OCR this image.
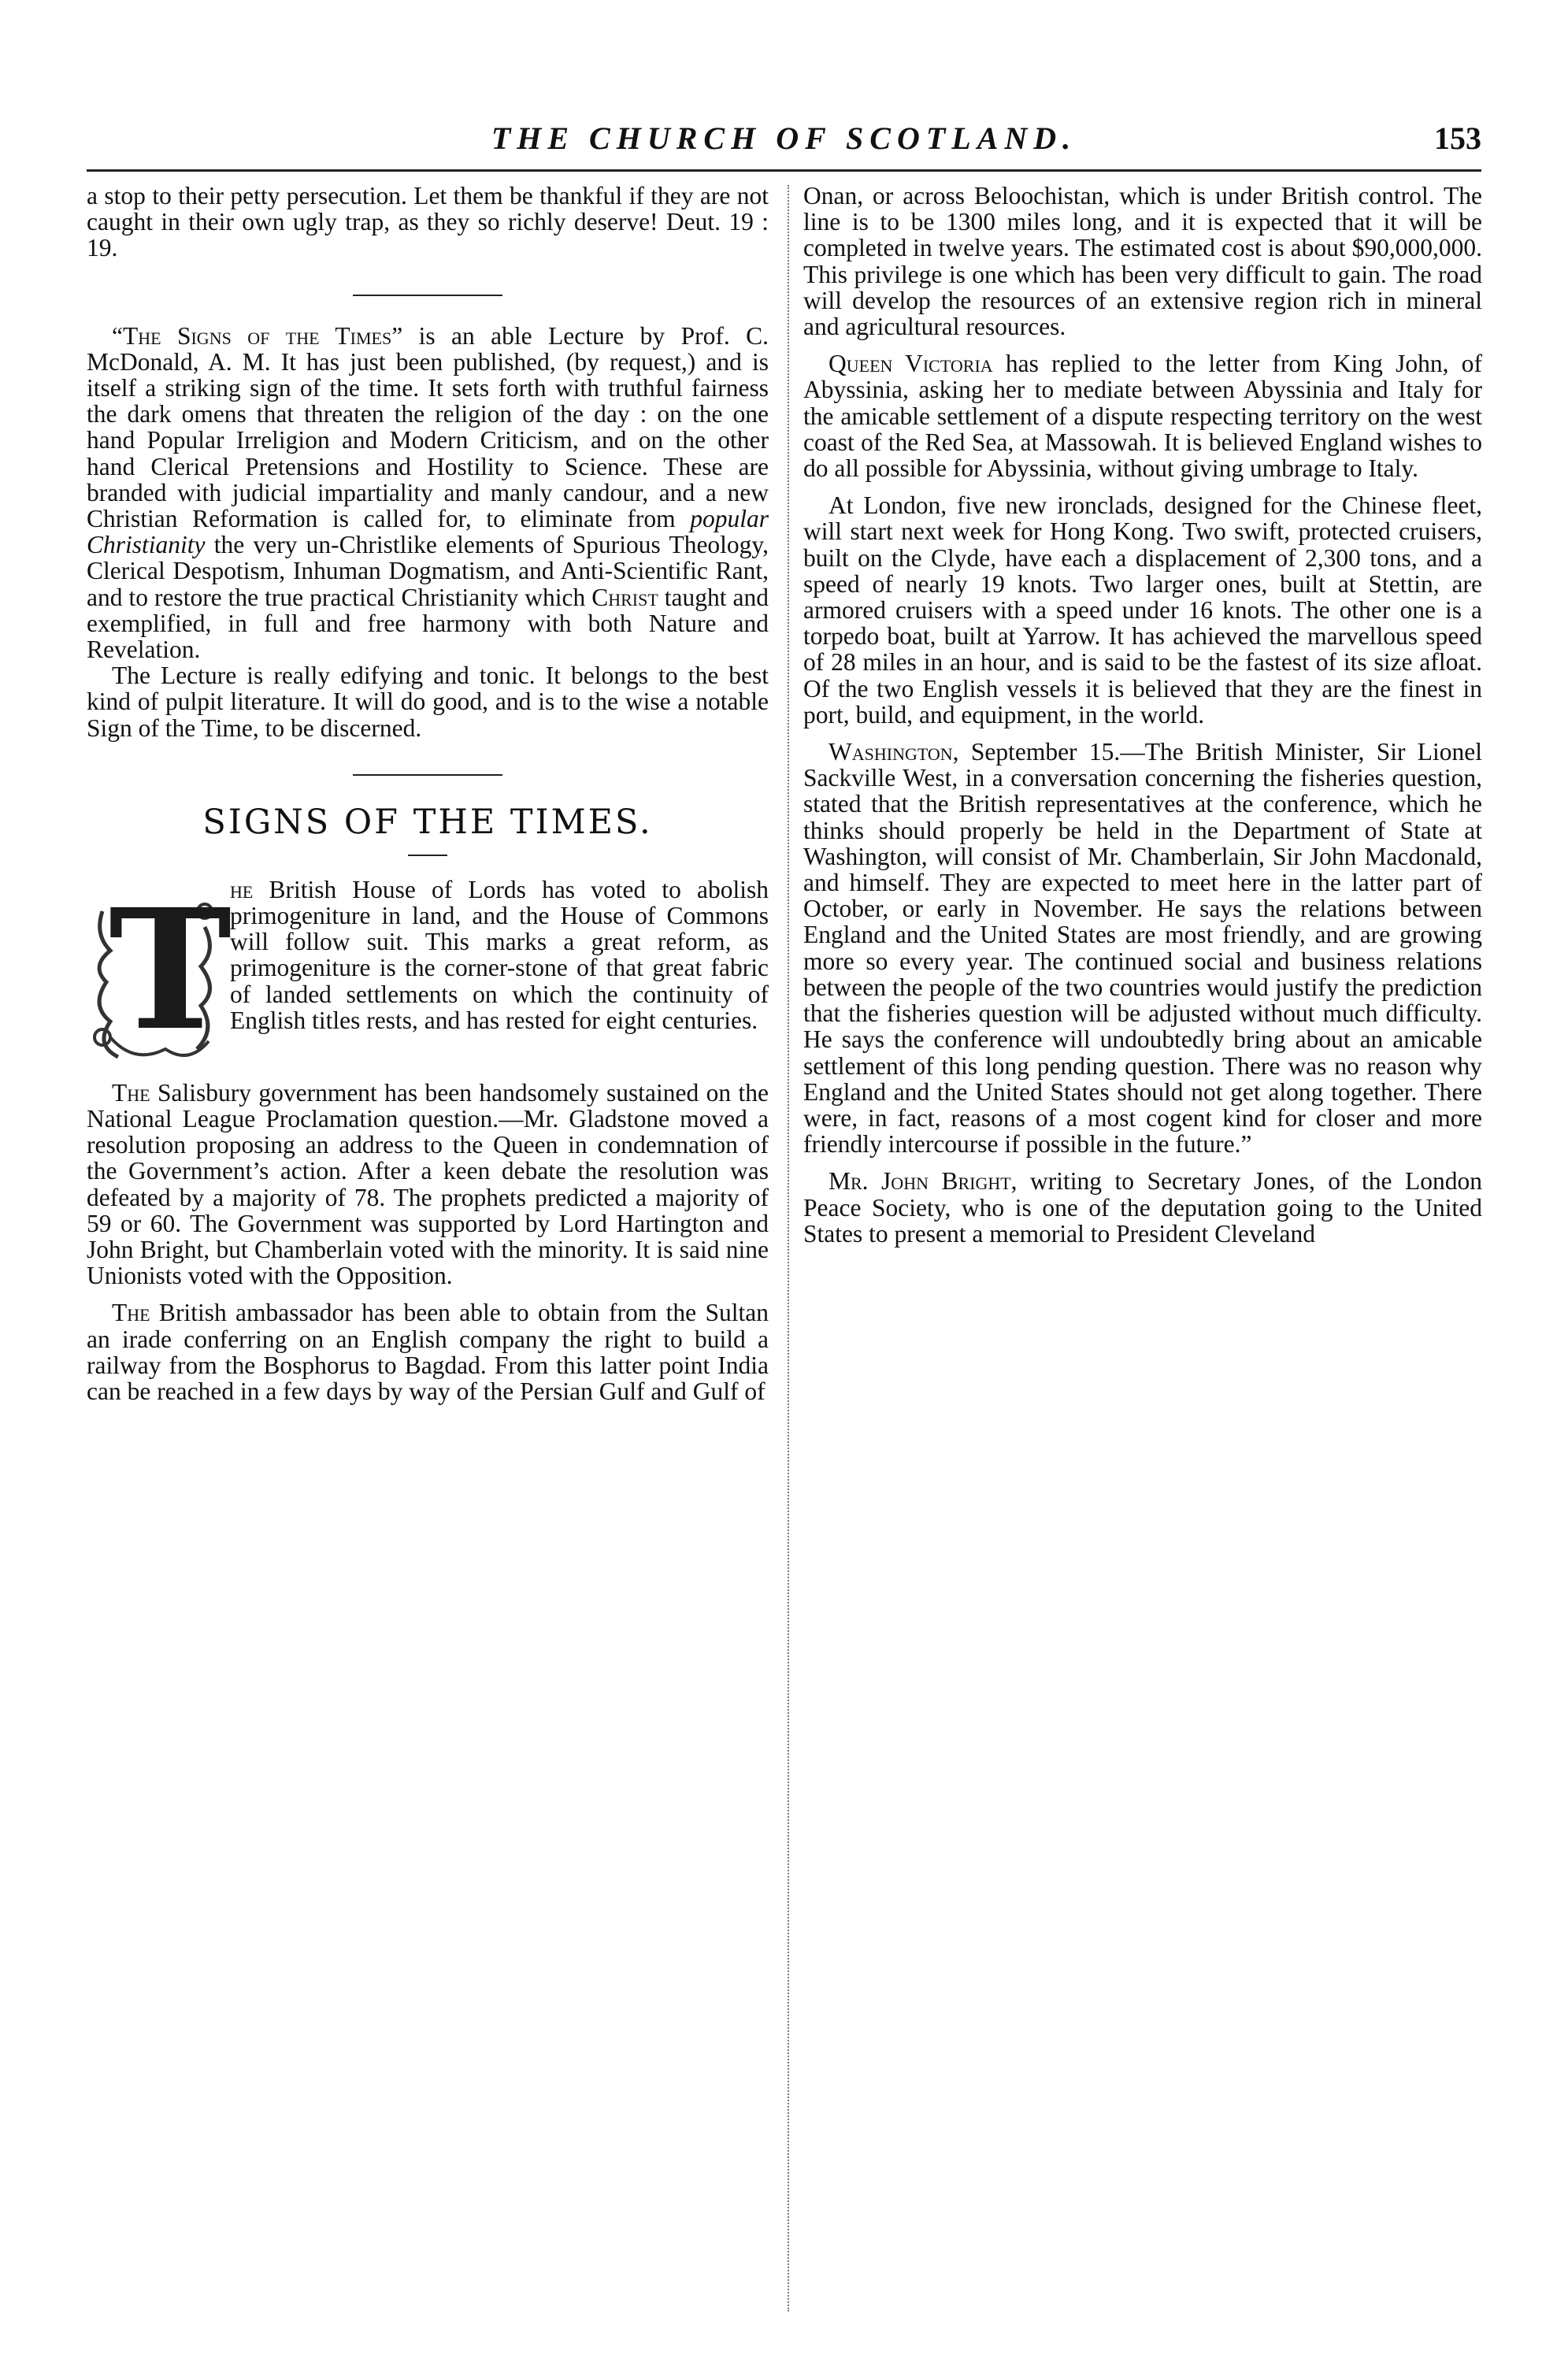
THE CHURCH OF SCOTLAND.	153

a stop to their petty persecution. Let them be thankful if they are not caught in their own ugly trap, as they so richly deserve! Deut. 19 : 19.

“The Signs of the Times” is an able Lecture by Prof. C. McDonald, A. M. It has just been published, (by request,) and is itself a striking sign of the time. It sets forth with truthful fairness the dark omens that threaten the religion of the day : on the one hand Popular Irreligion and Modern Criticism, and on the other hand Clerical Pretensions and Hostility to Science. These are branded with judicial impartiality and manly candour, and a new Christian Reformation is called for, to eliminate from popular Christianity the very un-Christlike elements of Spurious Theology, Clerical Despotism, Inhuman Dogmatism, and Anti-Scientific Rant, and to restore the true practical Christianity which Christ taught and exemplified, in full and free harmony with both Nature and Revelation.

The Lecture is really edifying and tonic. It belongs to the best kind of pulpit literature. It will do good, and is to the wise a notable Sign of the Time, to be discerned.

SIGNS OF THE TIMES.
T

he British House of Lords has voted to abolish primogeniture in land, and the House of Commons will follow suit. This marks a great reform, as primogeniture is the corner-stone of that great fabric of landed settlements on which the continuity of English titles rests, and has rested for eight centuries.

The Salisbury government has been handsomely sustained on the National League Proclamation question.—Mr. Gladstone moved a resolution proposing an address to the Queen in condemnation of the Government’s action. After a keen debate the resolution was defeated by a majority of 78. The prophets predicted a majority of 59 or 60. The Government was supported by Lord Hartington and John Bright, but Chamberlain voted with the minority. It is said nine Unionists voted with the Opposition.

The British ambassador has been able to obtain from the Sultan an irade conferring on an English company the right to build a railway from the Bosphorus to Bagdad. From this latter point India can be reached in a few days by way of the Persian Gulf and Gulf of

Onan, or across Beloochistan, which is under British control. The line is to be 1300 miles long, and it is expected that it will be completed in twelve years. The estimated cost is about $90,000,000. This privilege is one which has been very difficult to gain. The road will develop the resources of an extensive region rich in mineral and agricultural resources.

Queen Victoria has replied to the letter from King John, of Abyssinia, asking her to mediate between Abyssinia and Italy for the amicable settlement of a dispute respecting territory on the west coast of the Red Sea, at Massowah. It is believed England wishes to do all possible for Abyssinia, without giving umbrage to Italy.

At London, five new ironclads, designed for the Chinese fleet, will start next week for Hong Kong. Two swift, protected cruisers, built on the Clyde, have each a displacement of 2,300 tons, and a speed of nearly 19 knots. Two larger ones, built at Stettin, are armored cruisers with a speed under 16 knots. The other one is a torpedo boat, built at Yarrow. It has achieved the marvellous speed of 28 miles in an hour, and is said to be the fastest of its size afloat. Of the two English vessels it is believed that they are the finest in port, build, and equipment, in the world.

Washington, September 15.—The British Minister, Sir Lionel Sackville West, in a conversation concerning the fisheries question, stated that the British representatives at the conference, which he thinks should properly be held in the Department of State at Washington, will consist of Mr. Chamberlain, Sir John Macdonald, and himself. They are expected to meet here in the latter part of October, or early in November. He says the relations between England and the United States are most friendly, and are growing more so every year. The continued social and business relations between the people of the two countries would justify the prediction that the fisheries question will be adjusted without much difficulty. He says the conference will undoubtedly bring about an amicable settlement of this long pending question. There was no reason why England and the United States should not get along together. There were, in fact, reasons of a most cogent kind for closer and more friendly intercourse if possible in the future.”

Mr. John Bright, writing to Secretary Jones, of the London Peace Society, who is one of the deputation going to the United States to present a memorial to President Cleveland
